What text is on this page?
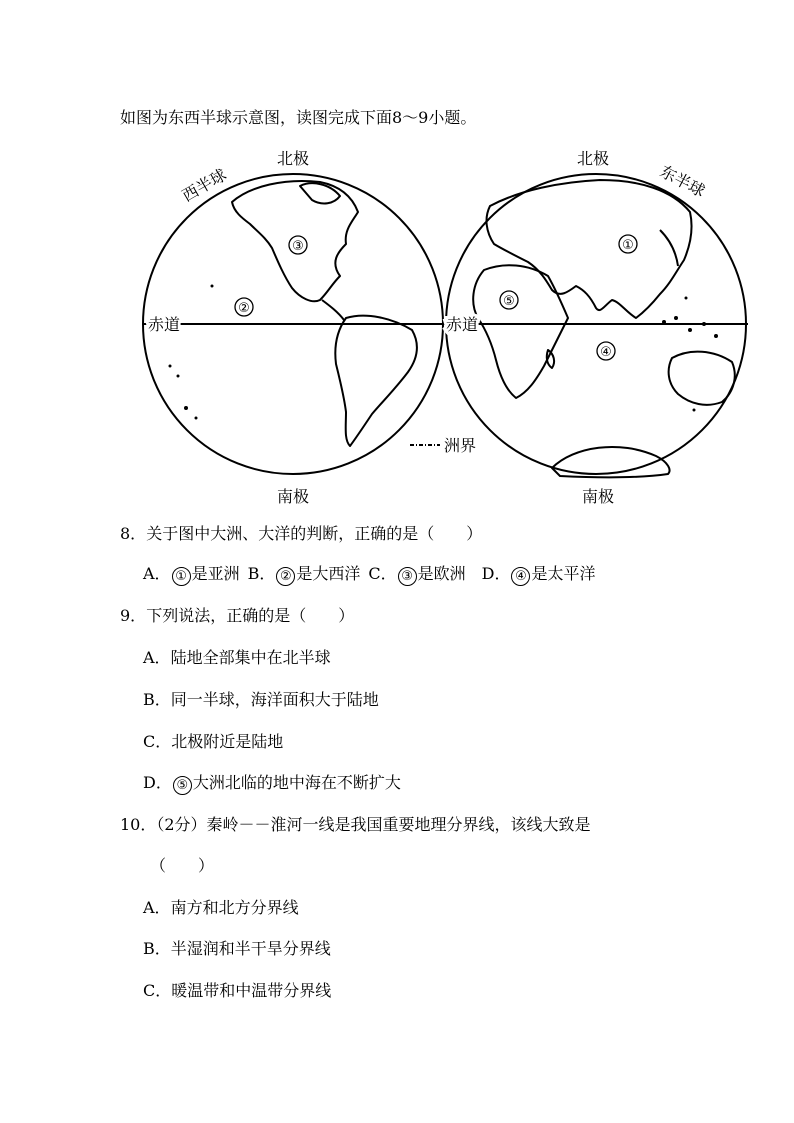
如图为东西半球示意图，读图完成下面8～9小题。
北极	北极
南极	南极
西半球	东半球
赤道	赤道
③
②
①
⑤
④
洲界
8．关于图中大洲、大洋的判断，正确的是（　　）
A． ① 是亚洲  B． ② 是大西洋  C． ③ 是欧洲  D． ④ 是太平洋
9．下列说法，正确的是（　　）
A．陆地全部集中在北半球
B．同一半球，海洋面积大于陆地
C．北极附近是陆地
D． ⑤ 大洲北临的地中海在不断扩大
10．（2分）秦岭－－淮河一线是我国重要地理分界线，该线大致是
（　　）
A．南方和北方分界线
B．半湿润和半干旱分界线
C．暖温带和中温带分界线
